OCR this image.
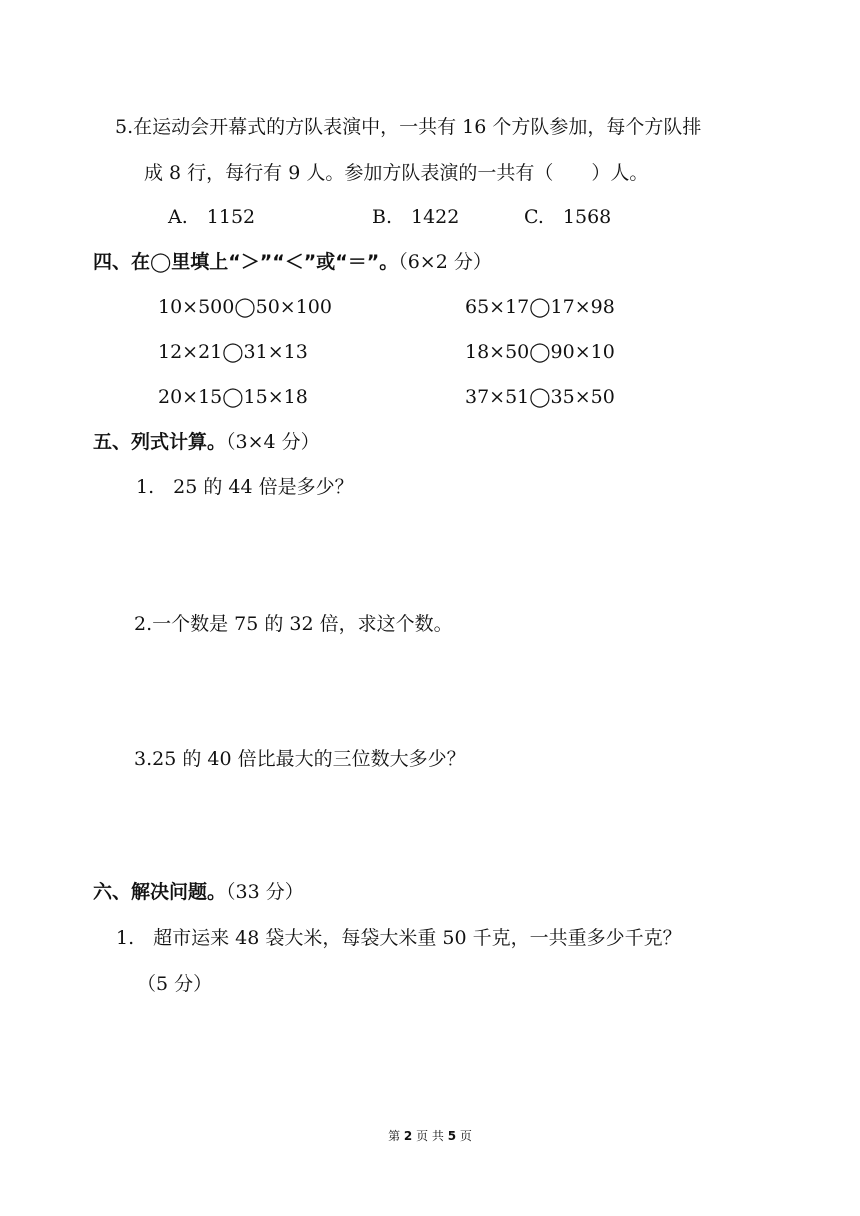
5.在运动会开幕式的方队表演中，一共有 16 个方队参加，每个方队排
成 8 行，每行有 9 人。参加方队表演的一共有（　　）人。
A.　1152	B.　1422	C.　1568
四、在◯里填上“＞”“＜”或“＝”。（6×2 分）
10×500◯50×100	65×17◯17×98
12×21◯31×13	18×50◯90×10
20×15◯15×18	37×51◯35×50
五、列式计算。（3×4 分）
1.　25 的 44 倍是多少？
2.一个数是 75 的 32 倍，求这个数。
3.25 的 40 倍比最大的三位数大多少？
六、解决问题。（33 分）
1.　超市运来 48 袋大米，每袋大米重 50 千克，一共重多少千克？
（5 分）
第 2 页 共 5 页
